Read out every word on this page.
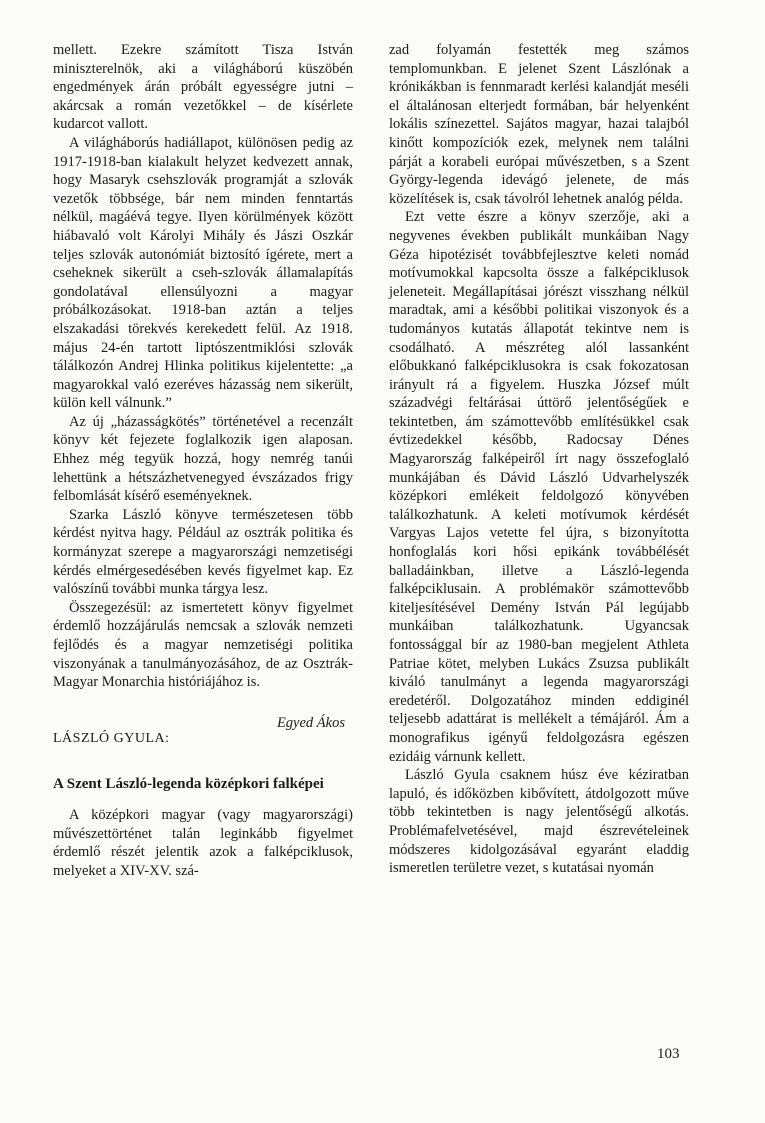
mellett. Ezekre számított Tisza István miniszterelnök, aki a világháború küszöbén engedmények árán próbált egyességre jutni – akárcsak a román vezetőkkel – de kísérlete kudarcot vallott.

A világháborús hadiállapot, különösen pedig az 1917-1918-ban kialakult helyzet kedvezett annak, hogy Masaryk csehszlovák programját a szlovák vezetők többsége, bár nem minden fenntartás nélkül, magáévá tegye. Ilyen körülmények között hiábavaló volt Károlyi Mihály és Jászi Oszkár teljes szlovák autonómiát biztosító ígérete, mert a cseheknek sikerült a cseh-szlovák államalapítás gondolatával ellensúlyozni a magyar próbálkozásokat. 1918-ban aztán a teljes elszakadási törekvés kerekedett felül. Az 1918. május 24-én tartott liptószentmiklósi szlovák tálálkozón Andrej Hlinka politikus kijelentette: „a magyarokkal való ezeréves házasság nem sikerült, külön kell válnunk.”

Az új „házasságkötés” történetével a recenzált könyv két fejezete foglalkozik igen alaposan. Ehhez még tegyük hozzá, hogy nemrég tanúi lehettünk a hétszázhetvenegyed évszázados frigy felbomlását kísérő eseményeknek.

Szarka László könyve természetesen több kérdést nyitva hagy. Például az osztrák politika és kormányzat szerepe a magyarországi nemzetiségi kérdés elmérgesedésében kevés figyelmet kap. Ez valószínű további munka tárgya lesz.

Összegezésül: az ismertetett könyv figyelmet érdemlő hozzájárulás nemcsak a szlovák nemzeti fejlődés és a magyar nemzetiségi politika viszonyának a tanulmányozásához, de az Osztrák-Magyar Monarchia históriájához is.

Egyed Ákos
LÁSZLÓ GYULA:
A Szent László-legenda középkori falképei

A középkori magyar (vagy magyarországi) művészettörténet talán leginkább figyelmet érdemlő részét jelentik azok a falképciklusok, melyeket a XIV-XV. szá-

zad folyamán festették meg számos templomunkban. E jelenet Szent Lászlónak a krónikákban is fennmaradt kerlési kalandját meséli el általánosan elterjedt formában, bár helyenként lokális színezettel. Sajátos magyar, hazai talajból kinőtt kompozíciók ezek, melynek nem találni párját a korabeli európai művészetben, s a Szent György-legenda idevágó jelenete, de más közelítések is, csak távolról lehetnek analóg példa.

Ezt vette észre a könyv szerzője, aki a negyvenes években publikált munkáiban Nagy Géza hipotézisét továbbfejlesztve keleti nomád motívumokkal kapcsolta össze a falképciklusok jeleneteit. Megállapításai jórészt visszhang nélkül maradtak, ami a későbbi politikai viszonyok és a tudományos kutatás állapotát tekintve nem is csodálható. A mészréteg alól lassanként előbukkanó falképciklusokra is csak fokozatosan irányult rá a figyelem. Huszka József múlt századvégi feltárásai úttörő jelentőségűek e tekintetben, ám számottevőbb említésükkel csak évtizedekkel később, Radocsay Dénes Magyarország falképeiről írt nagy összefoglaló munkájában és Dávid László Udvarhelyszék középkori emlékeit feldolgozó könyvében találkozhatunk. A keleti motívumok kérdését Vargyas Lajos vetette fel újra, s bizonyította honfoglalás kori hősi epikánk továbbélését balladáinkban, illetve a László-legenda falképciklusain. A problémakör számottevőbb kiteljesítésével Demény István Pál legújabb munkáiban találkozhatunk. Ugyancsak fontossággal bír az 1980-ban megjelent Athleta Patriae kötet, melyben Lukács Zsuzsa publikált kiváló tanulmányt a legenda magyarországi eredetéről. Dolgozatához minden eddiginél teljesebb adattárat is mellékelt a témájáról. Ám a monografikus igényű feldolgozásra egészen ezidáig várnunk kellett.

László Gyula csaknem húsz éve kéziratban lapuló, és időközben kibővített, átdolgozott műve több tekintetben is nagy jelentőségű alkotás. Problémafelvetésével, majd észrevételeinek módszeres kidolgozásával egyaránt eladdig ismeretlen területre vezet, s kutatásai nyomán

103
